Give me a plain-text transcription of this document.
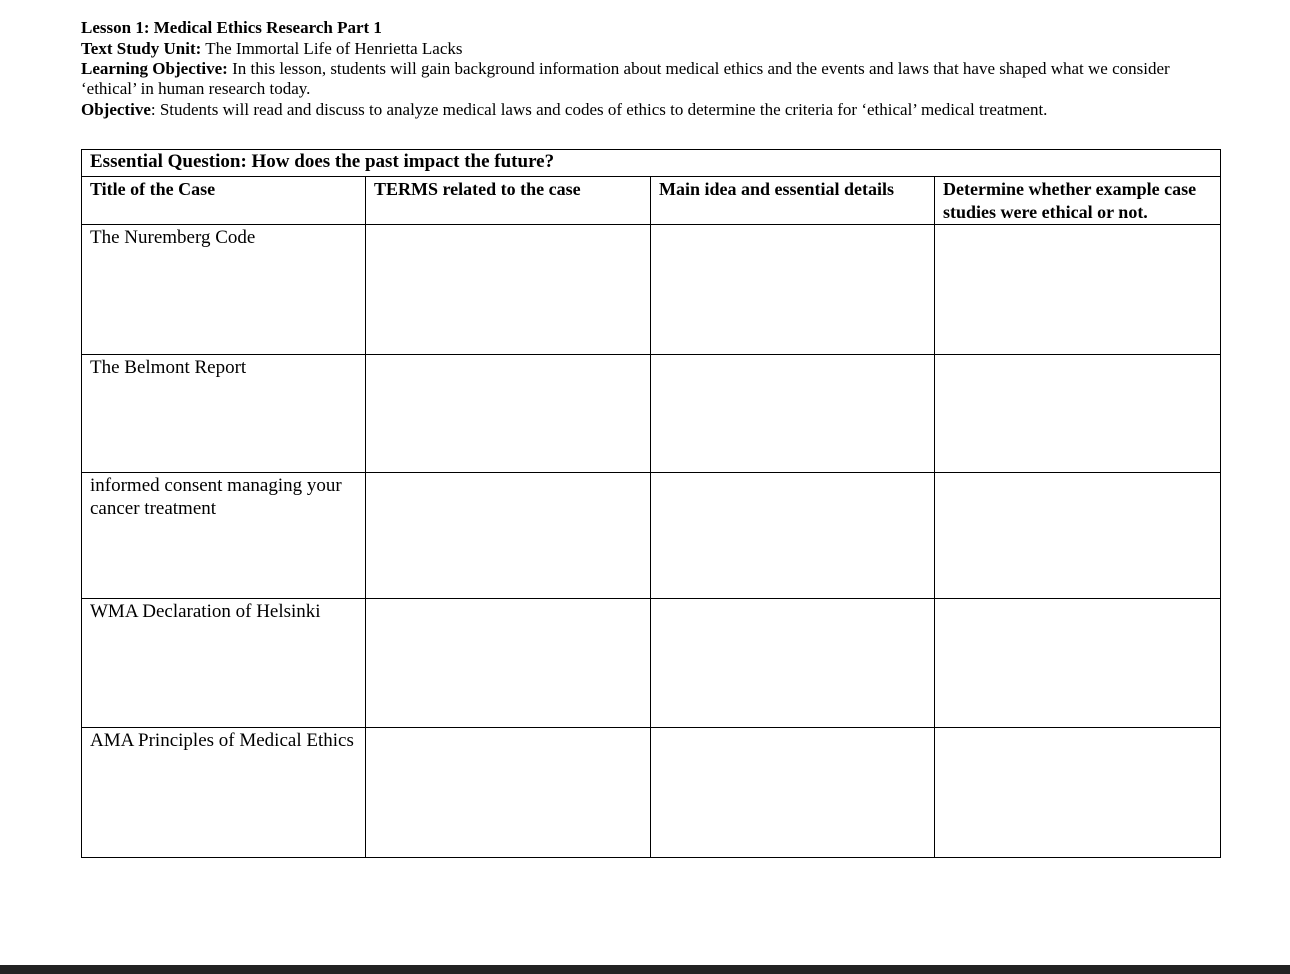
Lesson 1: Medical Ethics Research Part 1
Text Study Unit: The Immortal Life of Henrietta Lacks
Learning Objective: In this lesson, students will gain background information about medical ethics and the events and laws that have shaped what we consider ‘ethical’ in human research today.
Objective: Students will read and discuss to analyze medical laws and codes of ethics to determine the criteria for ‘ethical’ medical treatment.
Essential Question: How does the past impact the future?			
Title of the Case	TERMS related to the case	Main idea and essential details	Determine whether example case studies were ethical or not.
The Nuremberg Code			
The Belmont Report			
informed consent managing your cancer treatment			
WMA Declaration of Helsinki			
AMA Principles of Medical Ethics			
